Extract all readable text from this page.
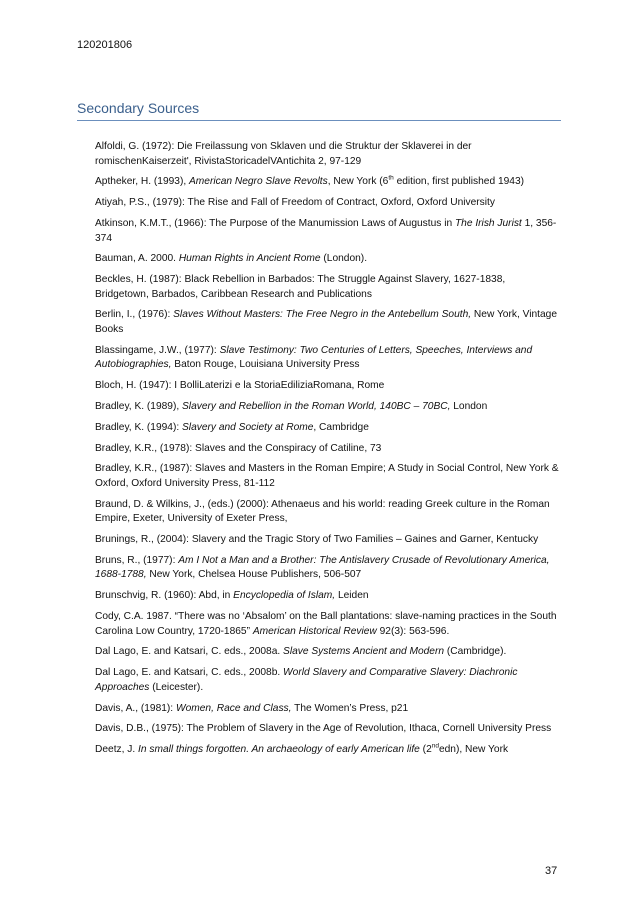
120201806
Secondary Sources
Alfoldi, G. (1972): Die Freilassung von Sklaven und die Struktur der Sklaverei in der romischenKaiserzeit', RivistaStoricadelVAntichita 2, 97-129
Aptheker, H. (1993), American Negro Slave Revolts, New York (6th edition, first published 1943)
Atiyah, P.S., (1979): The Rise and Fall of Freedom of Contract, Oxford, Oxford University
Atkinson, K.M.T., (1966): The Purpose of the Manumission Laws of Augustus in The Irish Jurist 1, 356-374
Bauman, A. 2000. Human Rights in Ancient Rome (London).
Beckles, H. (1987): Black Rebellion in Barbados: The Struggle Against Slavery, 1627-1838, Bridgetown, Barbados, Caribbean Research and Publications
Berlin, I., (1976): Slaves Without Masters: The Free Negro in the Antebellum South, New York, Vintage Books
Blassingame, J.W., (1977): Slave Testimony: Two Centuries of Letters, Speeches, Interviews and Autobiographies, Baton Rouge, Louisiana University Press
Bloch, H. (1947): I BolliLaterizi e la StoriaEdiliziaRomana, Rome
Bradley, K. (1989), Slavery and Rebellion in the Roman World, 140BC – 70BC, London
Bradley, K. (1994): Slavery and Society at Rome, Cambridge
Bradley, K.R., (1978): Slaves and the Conspiracy of Catiline, 73
Bradley, K.R., (1987): Slaves and Masters in the Roman Empire; A Study in Social Control, New York & Oxford, Oxford University Press, 81-112
Braund, D. & Wilkins, J., (eds.) (2000): Athenaeus and his world: reading Greek culture in the Roman Empire, Exeter, University of Exeter Press,
Brunings, R., (2004): Slavery and the Tragic Story of Two Families – Gaines and Garner, Kentucky
Bruns, R., (1977): Am I Not a Man and a Brother: The Antislavery Crusade of Revolutionary America, 1688-1788, New York, Chelsea House Publishers, 506-507
Brunschvig, R. (1960): Abd, in Encyclopedia of Islam, Leiden
Cody, C.A. 1987. “There was no ‘Absalom’ on the Ball plantations: slave-naming practices in the South Carolina Low Country, 1720-1865” American Historical Review 92(3): 563-596.
Dal Lago, E. and Katsari, C. eds., 2008a. Slave Systems Ancient and Modern (Cambridge).
Dal Lago, E. and Katsari, C. eds., 2008b. World Slavery and Comparative Slavery: Diachronic Approaches (Leicester).
Davis, A., (1981): Women, Race and Class, The Women’s Press, p21
Davis, D.B., (1975): The Problem of Slavery in the Age of Revolution, Ithaca, Cornell University Press
Deetz, J. In small things forgotten. An archaeology of early American life (2ndedn), New York
37
